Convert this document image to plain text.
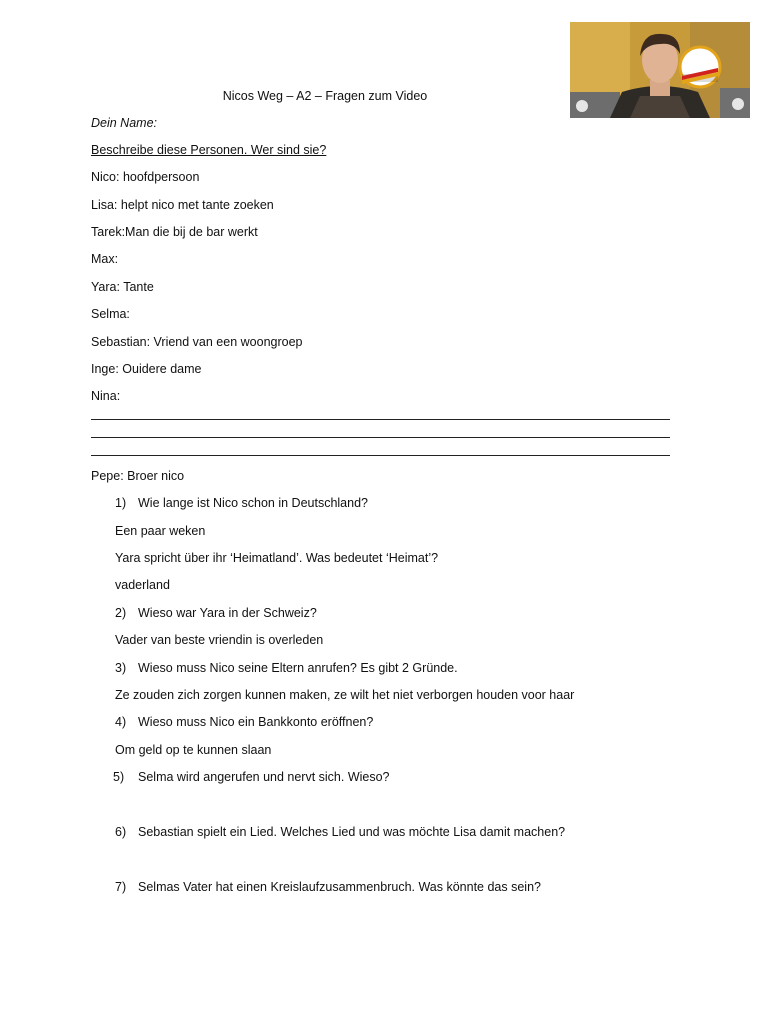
Nicos Weg – A2 – Fragen zum Video
Dein Name:
Beschreibe diese Personen. Wer sind sie?
Nico: hoofdpersoon
Lisa: helpt nico met tante zoeken
Tarek:Man die bij de bar werkt
Max:
Yara: Tante
Selma:
Sebastian: Vriend van een woongroep
Inge: Ouidere dame
Nina:
Pepe: Broer nico
1) Wie lange ist Nico schon in Deutschland?
Een paar weken
Yara spricht über ihr ‘Heimatland’. Was bedeutet ‘Heimat’?
vaderland
2) Wieso war Yara in der Schweiz?
Vader van beste vriendin is overleden
3) Wieso muss Nico seine Eltern anrufen? Es gibt 2 Gründe.
Ze zouden zich zorgen kunnen maken, ze wilt het niet verborgen houden voor haar
4) Wieso muss Nico ein Bankkonto eröffnen?
Om geld op te kunnen slaan
5) Selma wird angerufen und nervt sich. Wieso?
6) Sebastian spielt ein Lied. Welches Lied und was möchte Lisa damit machen?
7) Selmas Vater hat einen Kreislaufzusammenbruch. Was könnte das sein?
